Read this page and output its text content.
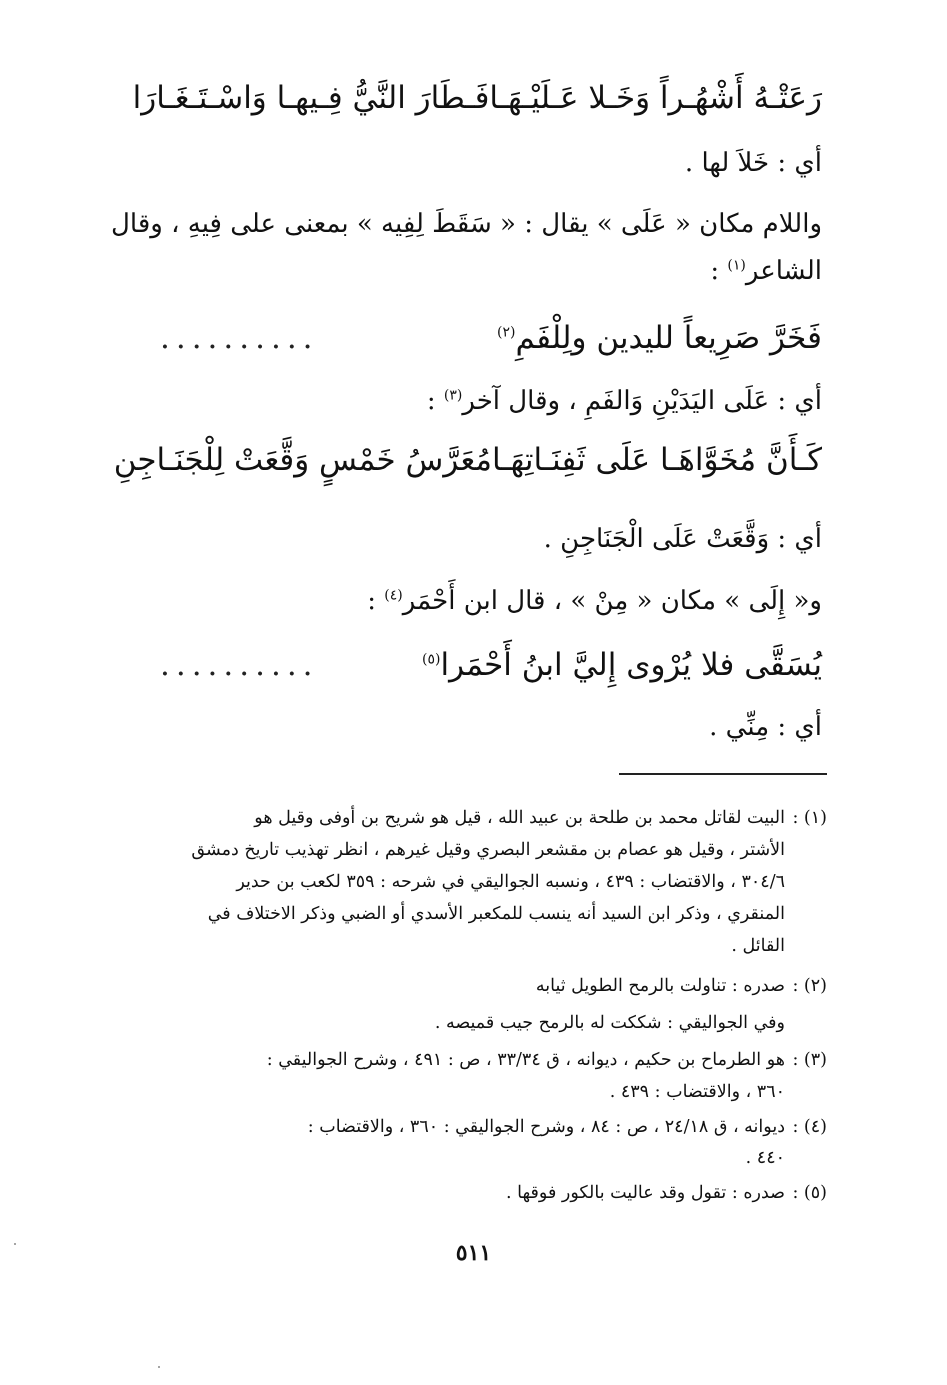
رَعَتْـهُ أَشْهُـراً وَخَـلا عَـلَيْـهَـا
فَـطَارَ النَّيُّ فِـيهـا وَاسْـتَـغَـارَا
أي : خَلاَ لها .
واللام مكان « عَلَى » يقال : « سَقَطَ لِفِيه » بمعنى على فِيهِ ، وقال
الشاعر$^{(١)}$ :
فَخَرَّ صَرِيعاً لليدين ولِلْفَمِ$^{(٢)}$
..........
أي : عَلَى اليَدَيْنِ وَالفَمِ ، وقال آخر$^{(٣)}$ :
كَـأَنَّ مُخَوَّاهَـا عَلَى ثَفِنَـاتِهَـا
مُعَرَّسُ خَمْسٍ وَقَّعَتْ لِلْجَنَـاجِنِ
أي : وَقَّعَتْ عَلَى الْجَنَاجِنِ .
و« إِلَى » مكان « مِنْ » ، قال ابن أَحْمَر$^{(٤)}$ :
يُسَقَّى فلا يُرْوى إِليَّ ابنُ أَحْمَرا$^{(٥)}$
..........
أي : مِنِّي .
(١) :البيت لقاتل محمد بن طلحة بن عبيد الله ، قيل هو شريح بن أوفى وقيل هو
الأشتر ، وقيل هو عصام بن مقشعر البصري وقيل غيرهم ، انظر تهذيب تاريخ دمشق
٣٠٤/٦ ، والاقتضاب : ٤٣٩ ، ونسبه الجواليقي في شرحه : ٣٥٩ لكعب بن حدير
المنقري ، وذكر ابن السيد أنه ينسب للمكعبر الأسدي أو الضبي وذكر الاختلاف في
القائل .
(٢) :صدره : تناولت بالرمح الطويل ثيابه
وفي الجواليقي : شككت له بالرمح جيب قميصه .
(٣) :هو الطرماح بن حكيم ، ديوانه ، ق ٣٣/٣٤ ، ص : ٤٩١ ، وشرح الجواليقي :
٣٦٠ ، والاقتضاب : ٤٣٩ .
(٤) :ديوانه ، ق ٢٤/١٨ ، ص : ٨٤ ، وشرح الجواليقي : ٣٦٠ ، والاقتضاب :
٤٤٠ .
(٥) :صدره : تقول وقد عاليت بالكور فوقها .
٥١١
